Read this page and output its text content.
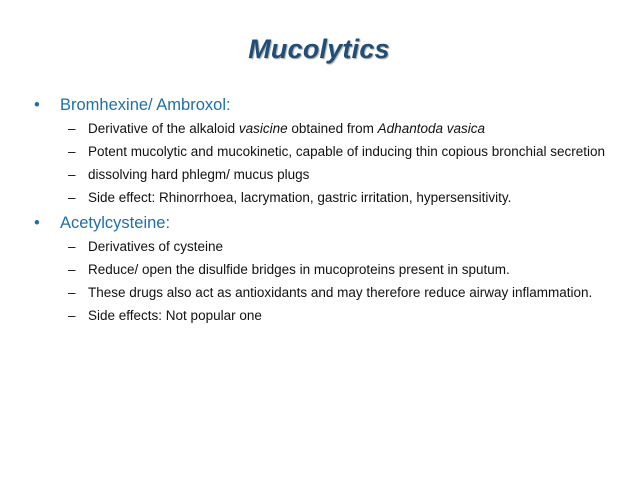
Mucolytics
•	Bromhexine/ Ambroxol:
– Derivative of the alkaloid vasicine obtained from Adhantoda vasica
– Potent mucolytic and mucokinetic, capable of inducing thin copious bronchial secretion
– dissolving hard phlegm/ mucus plugs
– Side effect: Rhinorrhoea, lacrymation, gastric irritation, hypersensitivity.
•	Acetylcysteine:
– Derivatives of cysteine
– Reduce/ open the disulfide bridges in mucoproteins present in sputum.
– These drugs also act as antioxidants and may therefore reduce airway inflammation.
– Side effects: Not popular one
